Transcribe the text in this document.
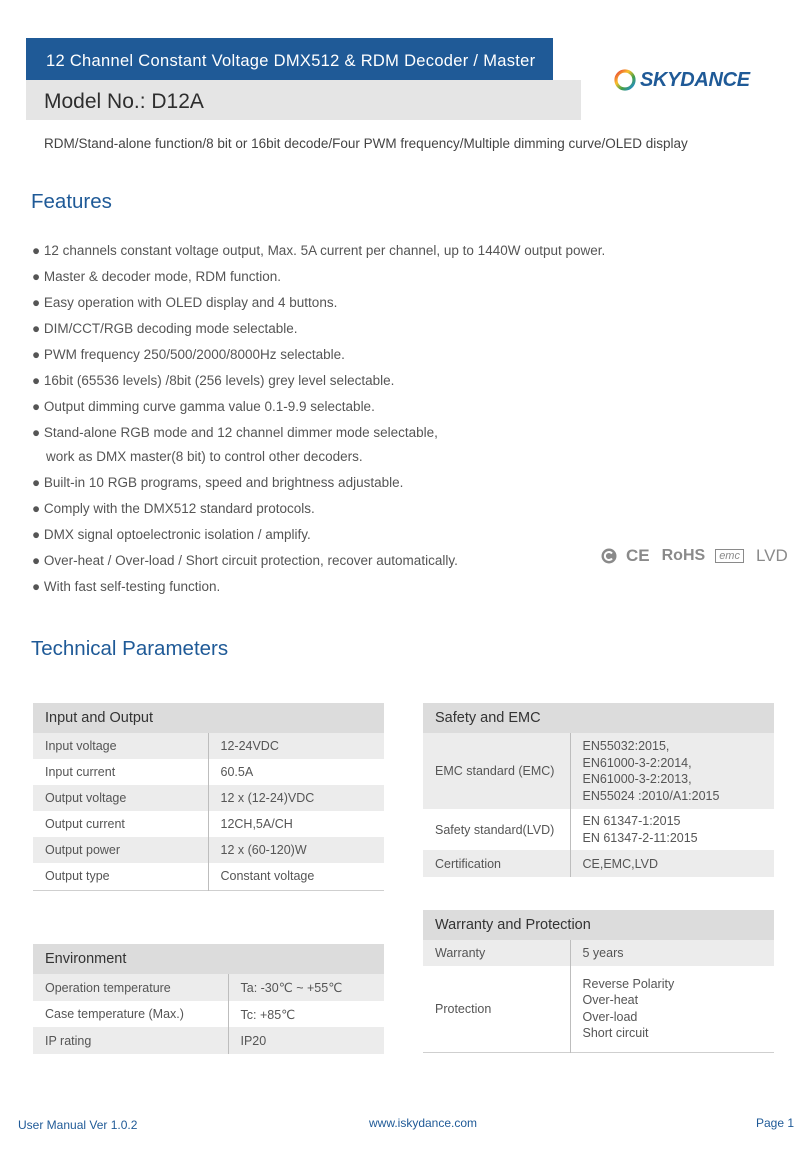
12 Channel Constant Voltage DMX512 & RDM Decoder / Master
Model No.: D12A
SKYDANCE
RDM/Stand-alone function/8 bit or 16bit decode/Four PWM frequency/Multiple dimming curve/OLED display
Features
● 12 channels constant voltage output, Max. 5A current per channel, up to 1440W output power.
● Master & decoder mode, RDM function.
● Easy operation with OLED display and 4 buttons.
● DIM/CCT/RGB decoding mode selectable.
● PWM frequency 250/500/2000/8000Hz selectable.
● 16bit (65536 levels) /8bit (256 levels) grey level selectable.
● Output dimming curve gamma value 0.1-9.9 selectable.
● Stand-alone RGB mode and 12 channel dimmer mode selectable,
work as DMX master(8 bit) to control other decoders.
● Built-in 10 RGB programs, speed and brightness adjustable.
● Comply with the DMX512 standard protocols.
● DMX signal optoelectronic isolation / amplify.
● Over-heat / Over-load / Short circuit protection, recover automatically.
● With fast self-testing function.
CE RoHS	emc LVD
Technical Parameters
Input and Output
Input voltage	12-24VDC
Input current	60.5A
Output voltage	12 x (12-24)VDC
Output current	12CH,5A/CH
Output power	12 x (60-120)W
Output type	Constant voltage
Environment
Operation temperature	Ta: -30℃ ~ +55℃
Case temperature (Max.)	Tc: +85℃
IP rating	IP20
Safety and EMC
EMC standard (EMC)	EN55032:2015,
EN61000-3-2:2014,
EN61000-3-2:2013,
EN55024 :2010/A1:2015

Safety standard(LVD)	EN 61347-1:2015
EN 61347-2-11:2015

Certification	CE,EMC,LVD
Warranty and Protection
Warranty	5 years
Protection	Reverse Polarity
Over-heat
Over-load
Short circuit
User Manual Ver 1.0.2	www.iskydance.com	Page 1
